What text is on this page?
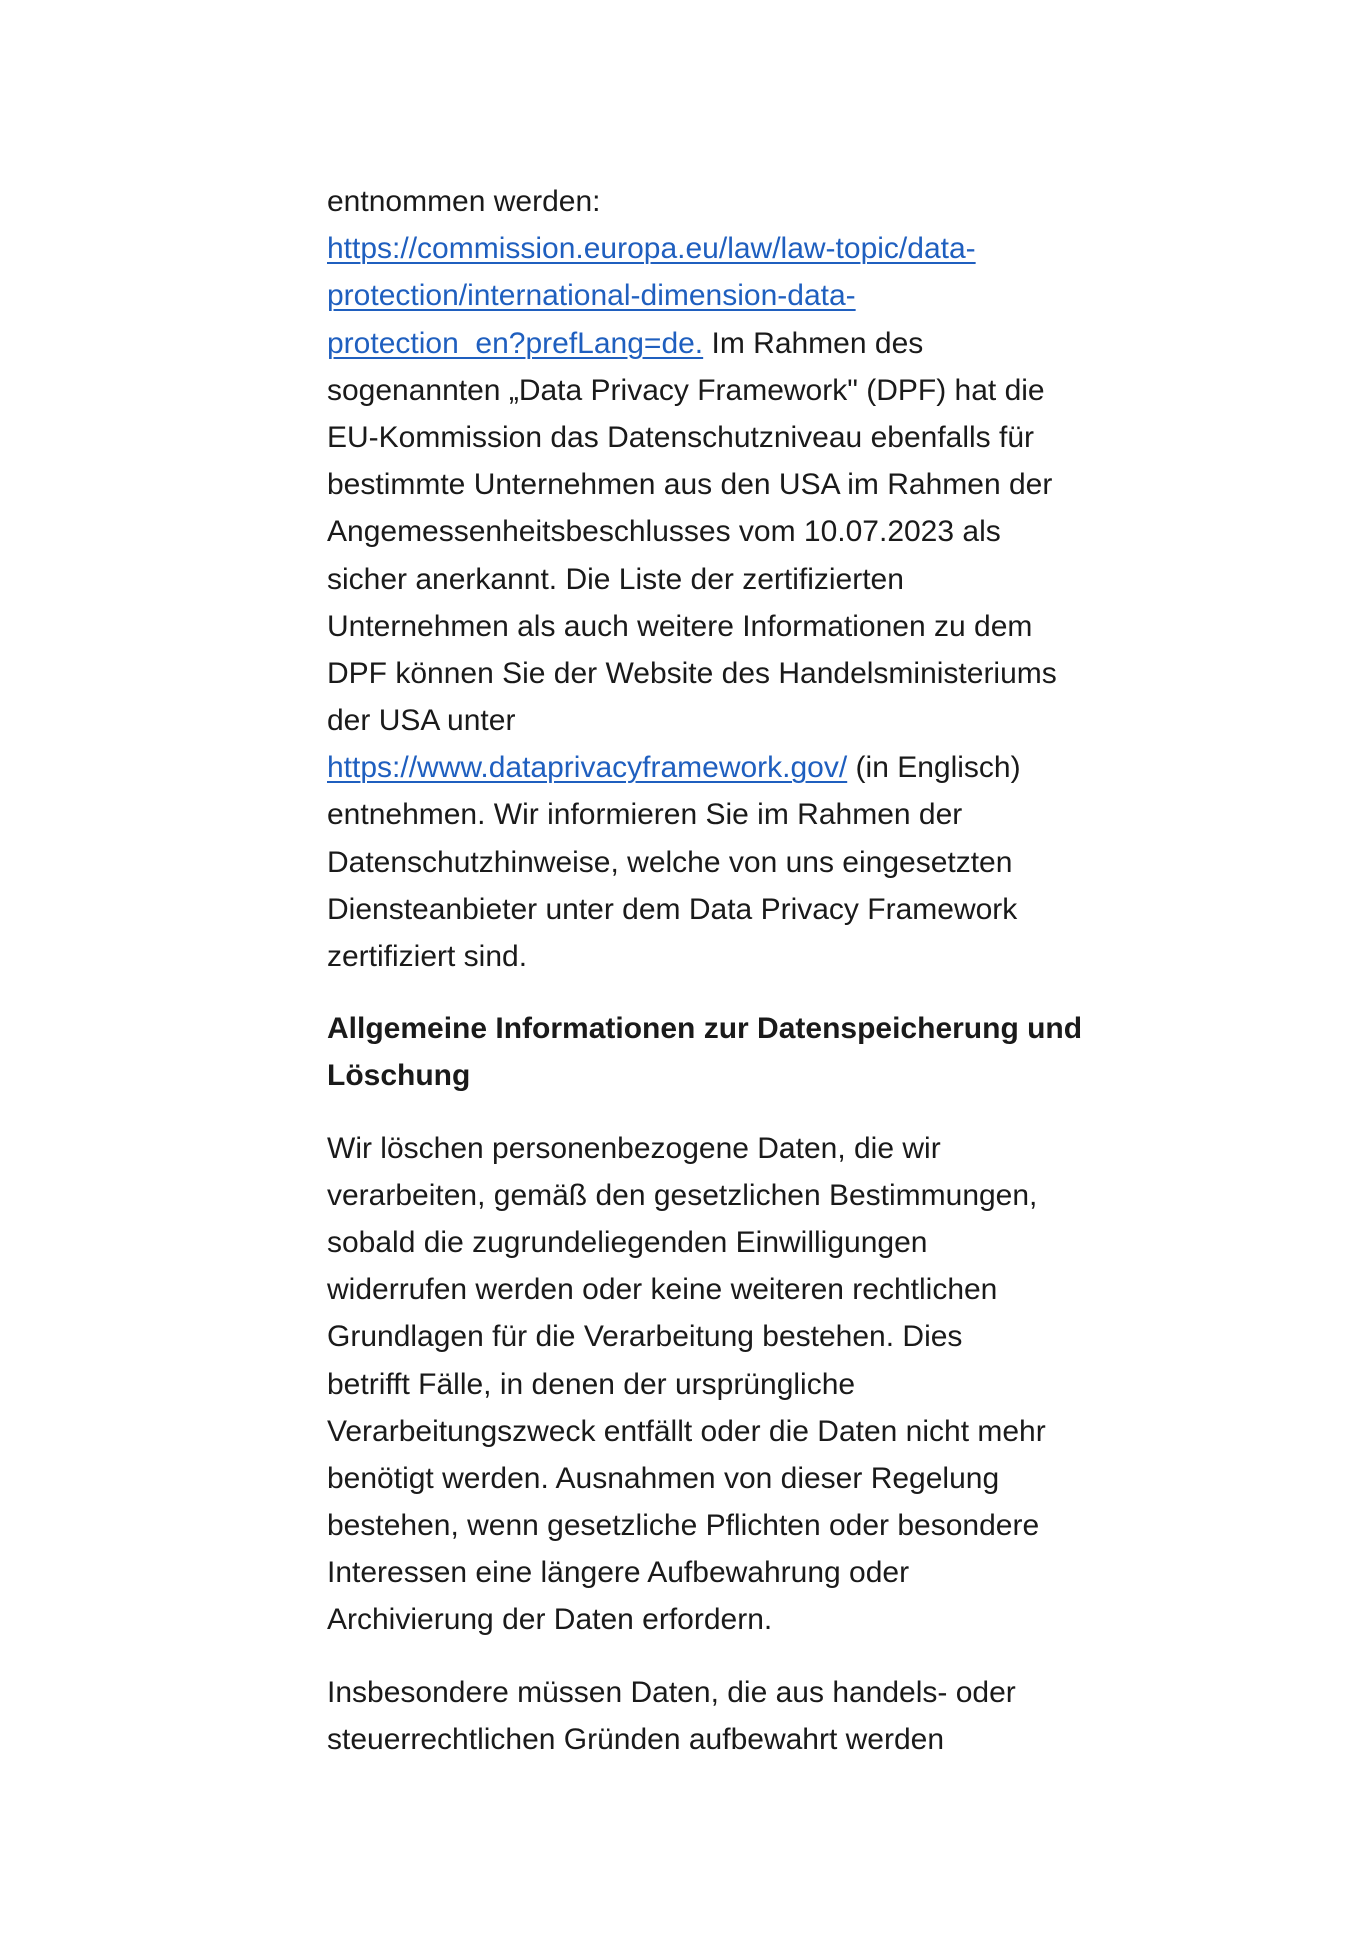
entnommen werden:
https://commission.europa.eu/law/law-topic/data-
protection/international-dimension-data-
protection_en?prefLang=de. Im Rahmen des
sogenannten „Data Privacy Framework" (DPF) hat die
EU-Kommission das Datenschutzniveau ebenfalls für
bestimmte Unternehmen aus den USA im Rahmen der
Angemessenheitsbeschlusses vom 10.07.2023 als
sicher anerkannt. Die Liste der zertifizierten
Unternehmen als auch weitere Informationen zu dem
DPF können Sie der Website des Handelsministeriums
der USA unter
https://www.dataprivacyframework.gov/ (in Englisch)
entnehmen. Wir informieren Sie im Rahmen der
Datenschutzhinweise, welche von uns eingesetzten
Diensteanbieter unter dem Data Privacy Framework
zertifiziert sind.
Allgemeine Informationen zur Datenspeicherung und
Löschung
Wir löschen personenbezogene Daten, die wir
verarbeiten, gemäß den gesetzlichen Bestimmungen,
sobald die zugrundeliegenden Einwilligungen
widerrufen werden oder keine weiteren rechtlichen
Grundlagen für die Verarbeitung bestehen. Dies
betrifft Fälle, in denen der ursprüngliche
Verarbeitungszweck entfällt oder die Daten nicht mehr
benötigt werden. Ausnahmen von dieser Regelung
bestehen, wenn gesetzliche Pflichten oder besondere
Interessen eine längere Aufbewahrung oder
Archivierung der Daten erfordern.
Insbesondere müssen Daten, die aus handels- oder
steuerrechtlichen Gründen aufbewahrt werden
